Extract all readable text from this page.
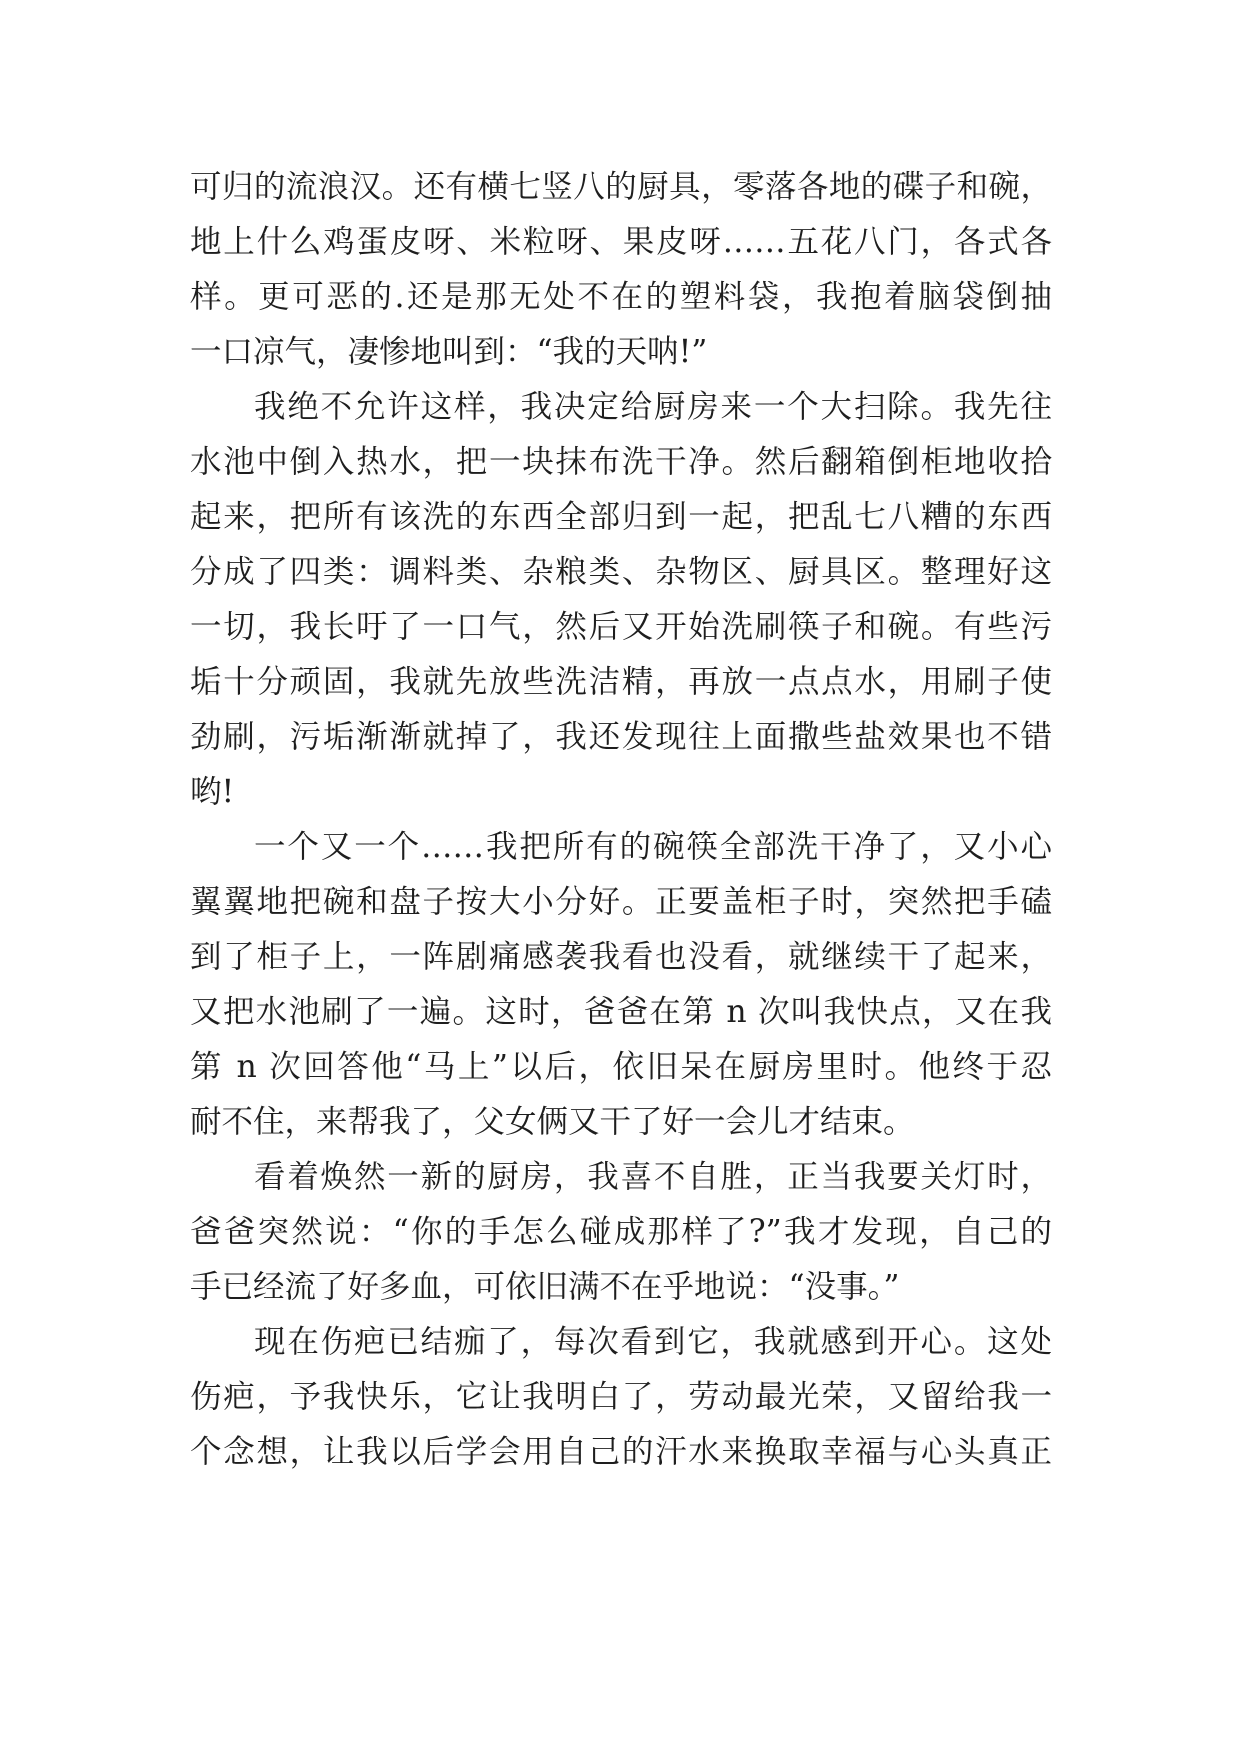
可归的流浪汉。还有横七竖八的厨具，零落各地的碟子和碗，
地上什么鸡蛋皮呀、米粒呀、果皮呀……五花八门，各式各
样。更可恶的.还是那无处不在的塑料袋，我抱着脑袋倒抽
一口凉气，凄惨地叫到：“我的天呐!”
我绝不允许这样，我决定给厨房来一个大扫除。我先往
水池中倒入热水，把一块抹布洗干净。然后翻箱倒柜地收拾
起来，把所有该洗的东西全部归到一起，把乱七八糟的东西
分成了四类：调料类、杂粮类、杂物区、厨具区。整理好这
一切，我长吁了一口气，然后又开始洗刷筷子和碗。有些污
垢十分顽固，我就先放些洗洁精，再放一点点水，用刷子使
劲刷，污垢渐渐就掉了，我还发现往上面撒些盐效果也不错
哟!
一个又一个……我把所有的碗筷全部洗干净了，又小心
翼翼地把碗和盘子按大小分好。正要盖柜子时，突然把手磕
到了柜子上，一阵剧痛感袭我看也没看，就继续干了起来，
又把水池刷了一遍。这时，爸爸在第 n 次叫我快点，又在我
第 n 次回答他“马上”以后，依旧呆在厨房里时。他终于忍
耐不住，来帮我了，父女俩又干了好一会儿才结束。
看着焕然一新的厨房，我喜不自胜，正当我要关灯时，
爸爸突然说：“你的手怎么碰成那样了?”我才发现，自己的
手已经流了好多血，可依旧满不在乎地说：“没事。”
现在伤疤已结痂了，每次看到它，我就感到开心。这处
伤疤，予我快乐，它让我明白了，劳动最光荣，又留给我一
个念想，让我以后学会用自己的汗水来换取幸福与心头真正
